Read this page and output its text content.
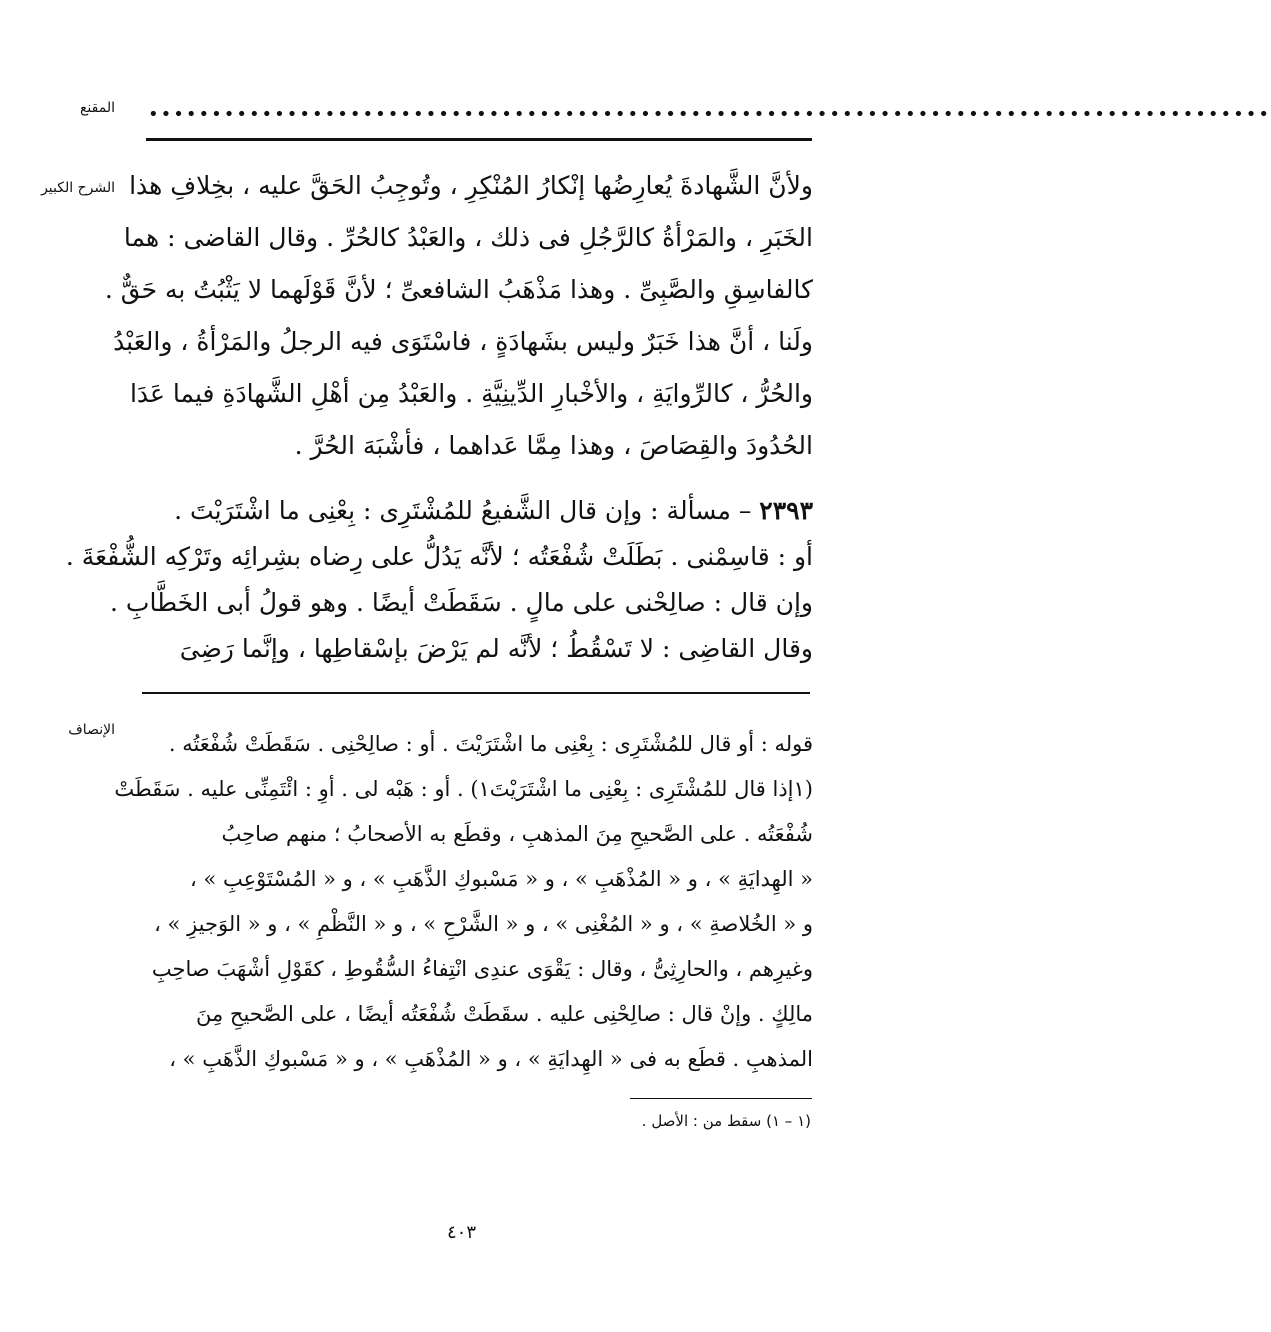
المقنع •••••••••••••••••••••••••••••••••••••••••••••••••••••••••••••••••••••••••••••••••••••••••
الشرح الكبير ولأنَّ الشَّهادةَ يُعارِضُها إنْكارُ المُنْكِرِ ، وتُوجِبُ الحَقَّ عليه ، بخِلافِ هذا
الخَبَرِ ، والمَرْأةُ كالرَّجُلِ فى ذلك ، والعَبْدُ كالحُرِّ . وقال القاضى : هما
كالفاسِقِ والصَّبِىِّ . وهذا مَذْهَبُ الشافعىِّ ؛ لأنَّ قَوْلَهما لا يَثْبُتُ به حَقٌّ .
ولَنا ، أنَّ هذا خَبَرٌ وليس بشَهادَةٍ ، فاسْتَوَى فيه الرجلُ والمَرْأةُ ، والعَبْدُ
والحُرُّ ، كالرِّوايَةِ ، والأخْبارِ الدِّينِيَّةِ . والعَبْدُ مِن أهْلِ الشَّهادَةِ فيما عَدَا
الحُدُودَ والقِصَاصَ ، وهذا مِمَّا عَداهما ، فأشْبَهَ الحُرَّ .
٢٣٩٣ – مسألة : وإن قال الشَّفيعُ للمُشْتَرِى : بِعْنِى ما اشْتَرَيْتَ .
أو : قاسِمْنى . بَطَلَتْ شُفْعَتُه ؛ لأنَّه يَدُلُّ على رِضاه بشِرائِه وتَرْكِه الشُّفْعَةَ .
وإن قال : صالِحْنى على مالٍ . سَقَطَتْ أيضًا . وهو قولُ أبى الخَطَّابِ .
وقال القاضِى : لا تَسْقُطُ ؛ لأنَّه لم يَرْضَ بإسْقاطِها ، وإنَّما رَضِىَ
الإنصاف
قوله : أو قال للمُشْتَرِى : بِعْنِى ما اشْتَرَيْتَ . أو : صالِحْنِى . سَقَطَتْ شُفْعَتُه .
(١إذا قال للمُشْتَرِى : بِعْنِى ما اشْتَرَيْتَ١) . أو : هَبْه لى . أوِ : ائْتَمِنِّى عليه . سَقَطَتْ
شُفْعَتُه . على الصَّحيحِ مِنَ المذهبِ ، وقطَع به الأصحابُ ؛ منهم صاحِبُ
« الهِدايَةِ » ، و « المُذْهَبِ » ، و « مَسْبوكِ الذَّهَبِ » ، و « المُسْتَوْعِبِ » ،
و « الخُلاصةِ » ، و « المُغْنِى » ، و « الشَّرْحِ » ، و « النَّظْمِ » ، و « الوَجيزِ » ،
وغيرِهم ، والحارِثِىُّ ، وقال : يَقْوَى عندِى انْتِفاءُ السُّقُوطِ ، كقَوْلِ أشْهَبَ صاحِبِ
مالِكٍ . وإنْ قال : صالِحْنِى عليه . سقَطَتْ شُفْعَتُه أيضًا ، على الصَّحيحِ مِنَ
المذهبِ . قطَع به فى « الهِدايَةِ » ، و « المُذْهَبِ » ، و « مَسْبوكِ الذَّهَبِ » ،
(١ – ١) سقط من : الأصل .
٤٠٣
